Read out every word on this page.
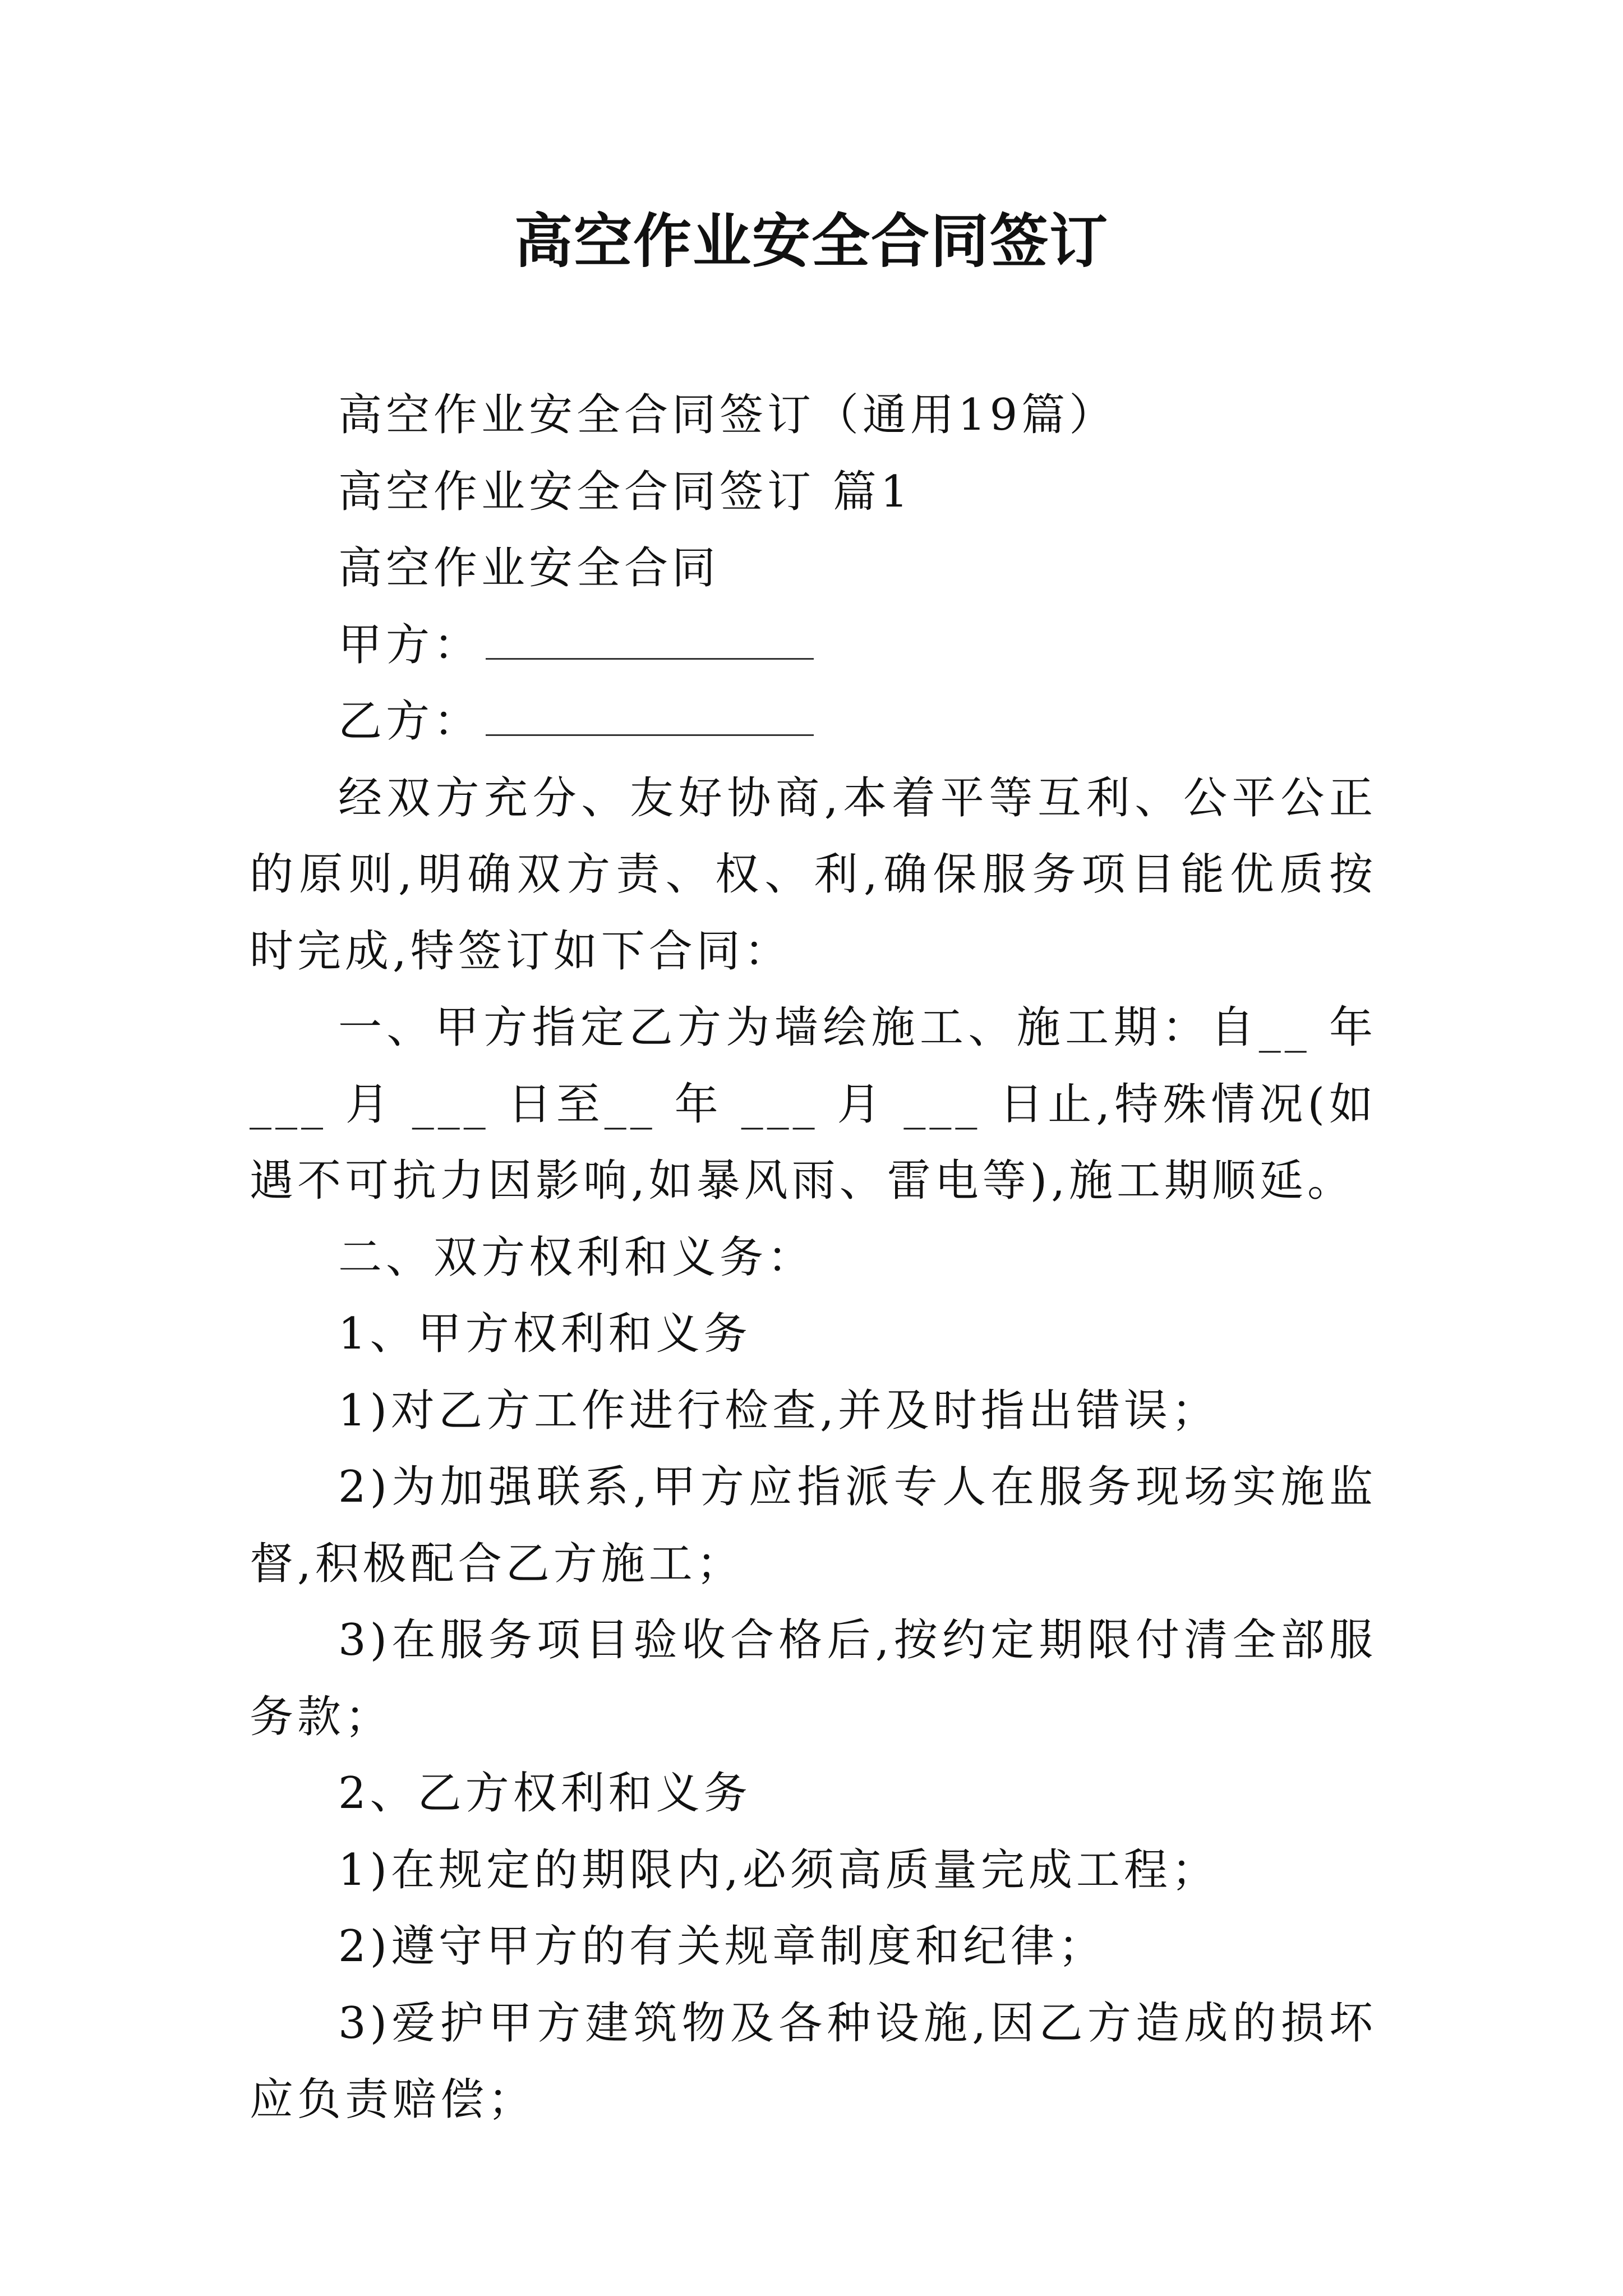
高空作业安全合同签订

高空作业安全合同签订（通用19篇）

高空作业安全合同签订 篇1

高空作业安全合同

甲方：

乙方：

经双方充分、友好协商,本着平等互利、公平公正的原则,明确双方责、权、利,确保服务项目能优质按时完成,特签订如下合同：

一、甲方指定乙方为墙绘施工、施工期：自__ 年 ___ 月 ___ 日至__ 年 ___ 月 ___ 日止,特殊情况(如遇不可抗力因影响,如暴风雨、雷电等),施工期顺延。

二、双方权利和义务：

1、甲方权利和义务

1)对乙方工作进行检查,并及时指出错误；

2)为加强联系,甲方应指派专人在服务现场实施监督,积极配合乙方施工；

3)在服务项目验收合格后,按约定期限付清全部服务款；

2、乙方权利和义务

1)在规定的期限内,必须高质量完成工程；

2)遵守甲方的有关规章制度和纪律；

3)爱护甲方建筑物及各种设施,因乙方造成的损坏应负责赔偿；
